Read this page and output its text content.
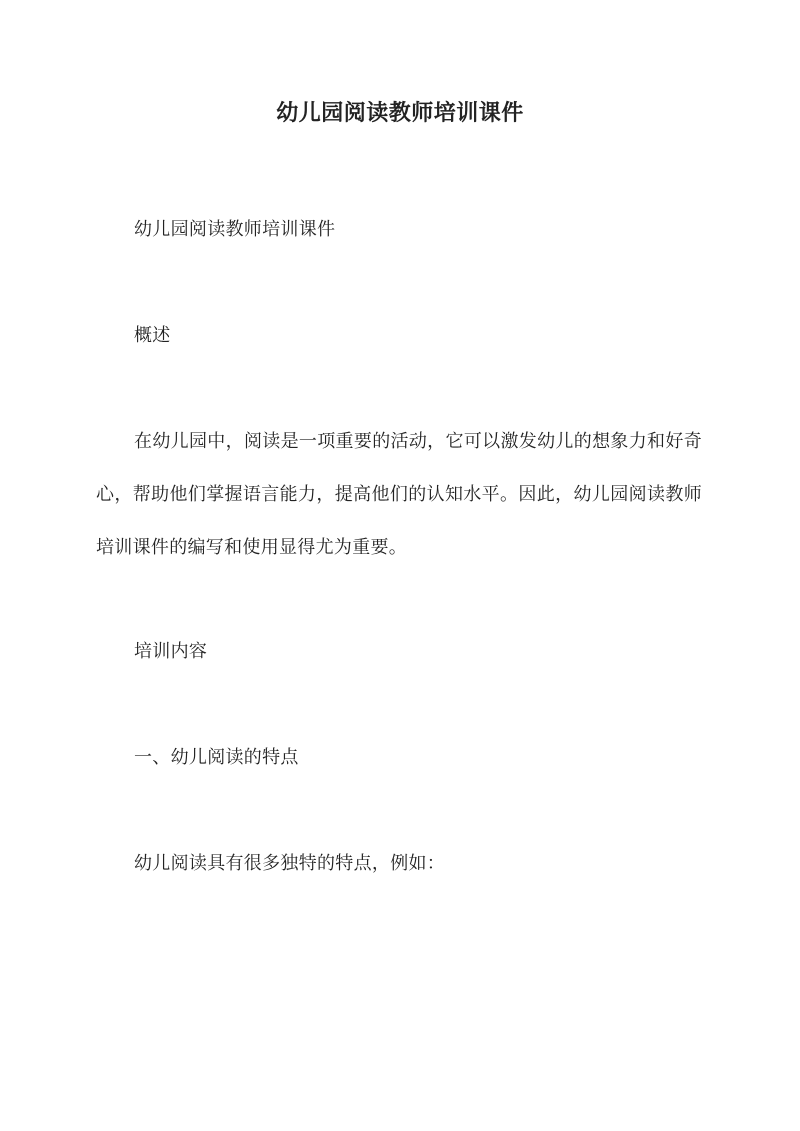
幼儿园阅读教师培训课件

幼儿园阅读教师培训课件

概述

在幼儿园中，阅读是一项重要的活动，它可以激发幼儿的想象力和好奇心，帮助他们掌握语言能力，提高他们的认知水平。因此，幼儿园阅读教师培训课件的编写和使用显得尤为重要。

培训内容

一、幼儿阅读的特点

幼儿阅读具有很多独特的特点，例如：
